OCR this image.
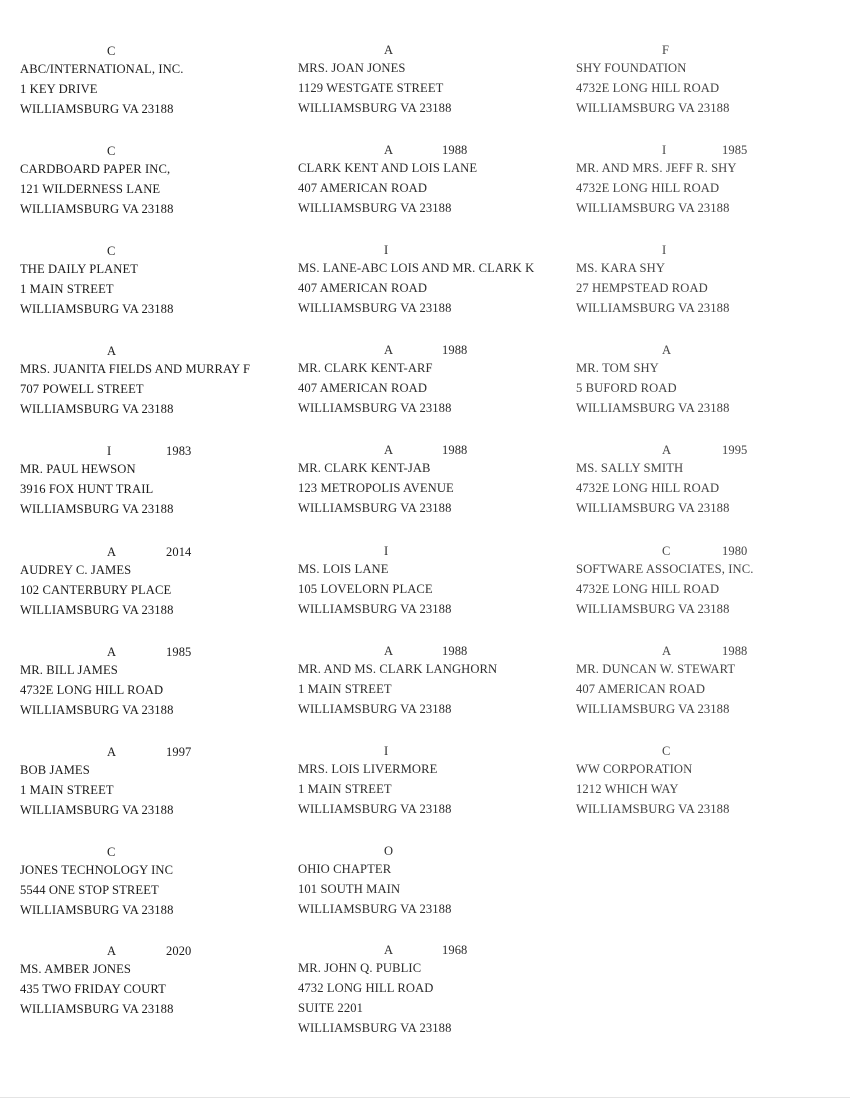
C
ABC/INTERNATIONAL, INC.
1 KEY DRIVE
WILLIAMSBURG VA 23188
C
CARDBOARD PAPER INC,
121 WILDERNESS LANE
WILLIAMSBURG VA 23188
C
THE DAILY PLANET
1 MAIN STREET
WILLIAMSBURG VA 23188
A
MRS. JUANITA FIELDS AND MURRAY F
707 POWELL STREET
WILLIAMSBURG VA 23188
I	1983
MR. PAUL HEWSON
3916 FOX HUNT TRAIL
WILLIAMSBURG VA 23188
A	2014
AUDREY C. JAMES
102 CANTERBURY PLACE
WILLIAMSBURG VA 23188
A	1985
MR. BILL JAMES
4732E LONG HILL ROAD
WILLIAMSBURG VA 23188
A	1997
BOB JAMES
1 MAIN STREET
WILLIAMSBURG VA 23188
C
JONES TECHNOLOGY INC
5544 ONE STOP STREET
WILLIAMSBURG VA 23188
A	2020
MS. AMBER JONES
435 TWO FRIDAY COURT
WILLIAMSBURG VA 23188
A
MRS. JOAN JONES
1129 WESTGATE STREET
WILLIAMSBURG VA 23188
A	1988
CLARK KENT AND LOIS LANE
407 AMERICAN ROAD
WILLIAMSBURG VA 23188
I
MS. LANE-ABC LOIS AND MR. CLARK K
407 AMERICAN ROAD
WILLIAMSBURG VA 23188
A	1988
MR. CLARK KENT-ARF
407 AMERICAN ROAD
WILLIAMSBURG VA 23188
A	1988
MR. CLARK KENT-JAB
123 METROPOLIS AVENUE
WILLIAMSBURG VA 23188
I
MS. LOIS LANE
105 LOVELORN PLACE
WILLIAMSBURG VA 23188
A	1988
MR. AND MS. CLARK LANGHORN
1 MAIN STREET
WILLIAMSBURG VA 23188
I
MRS. LOIS LIVERMORE
1 MAIN STREET
WILLIAMSBURG VA 23188
O
OHIO CHAPTER
101 SOUTH MAIN
WILLIAMSBURG VA 23188
A	1968
MR. JOHN Q. PUBLIC
4732 LONG HILL ROAD
SUITE 2201
WILLIAMSBURG VA 23188
F
SHY FOUNDATION
4732E LONG HILL ROAD
WILLIAMSBURG VA 23188
I	1985
MR. AND MRS. JEFF R. SHY
4732E LONG HILL ROAD
WILLIAMSBURG VA 23188
I
MS. KARA SHY
27 HEMPSTEAD ROAD
WILLIAMSBURG VA 23188
A
MR. TOM SHY
5 BUFORD ROAD
WILLIAMSBURG VA 23188
A	1995
MS. SALLY SMITH
4732E LONG HILL ROAD
WILLIAMSBURG VA 23188
C	1980
SOFTWARE ASSOCIATES, INC.
4732E LONG HILL ROAD
WILLIAMSBURG VA 23188
A	1988
MR. DUNCAN W. STEWART
407 AMERICAN ROAD
WILLIAMSBURG VA 23188
C
WW CORPORATION
1212 WHICH WAY
WILLIAMSBURG VA 23188
